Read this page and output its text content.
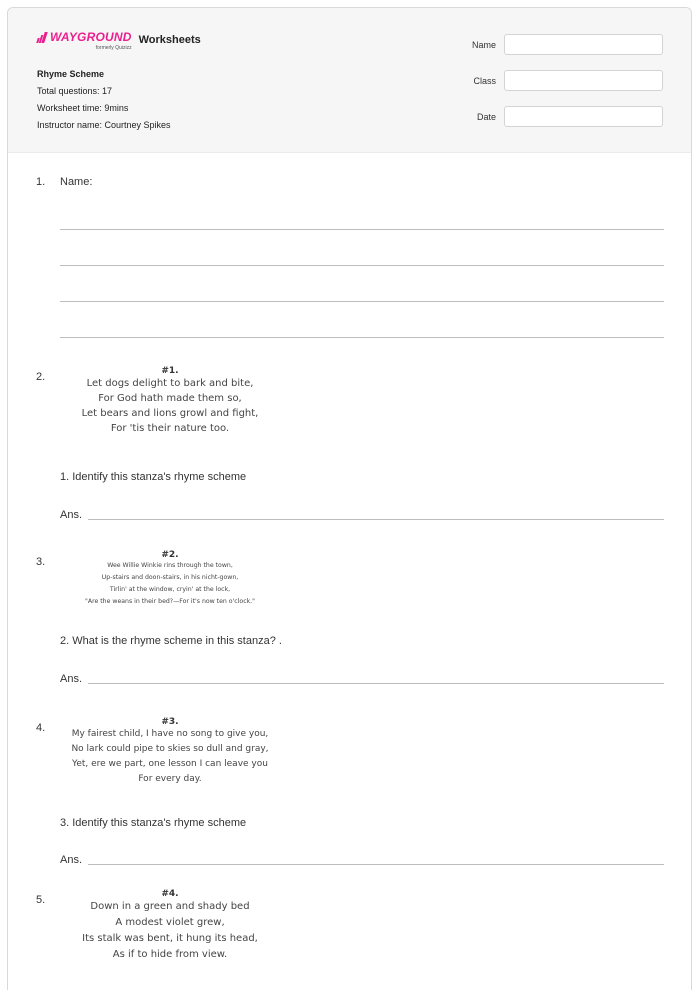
WAYGROUND
formerly Quizizz
Worksheets
Rhyme Scheme
Total questions: 17
Worksheet time: 9mins
Instructor name: Courtney Spikes
Name
Class
Date
1. Name:
2.	#1.
Let dogs delight to bark and bite,
For God hath made them so,
Let bears and lions growl and fight,
For 'tis their nature too.
1. Identify this stanza's rhyme scheme
Ans.
3.
#2.
Wee Willie Winkie rins through the town,
Up-stairs and doon-stairs, in his nicht-gown,
Tirlin' at the window, cryin' at the lock,
"Are the weans in their bed?—For it's now ten o'clock."
2. What is the rhyme scheme in this stanza? .
Ans.
4.	#3.
My fairest child, I have no song to give you,
No lark could pipe to skies so dull and gray,
Yet, ere we part, one lesson I can leave you
For every day.
3. Identify this stanza's rhyme scheme
Ans.
5.	#4.
Down in a green and shady bed
A modest violet grew,
Its stalk was bent, it hung its head,
As if to hide from view.
